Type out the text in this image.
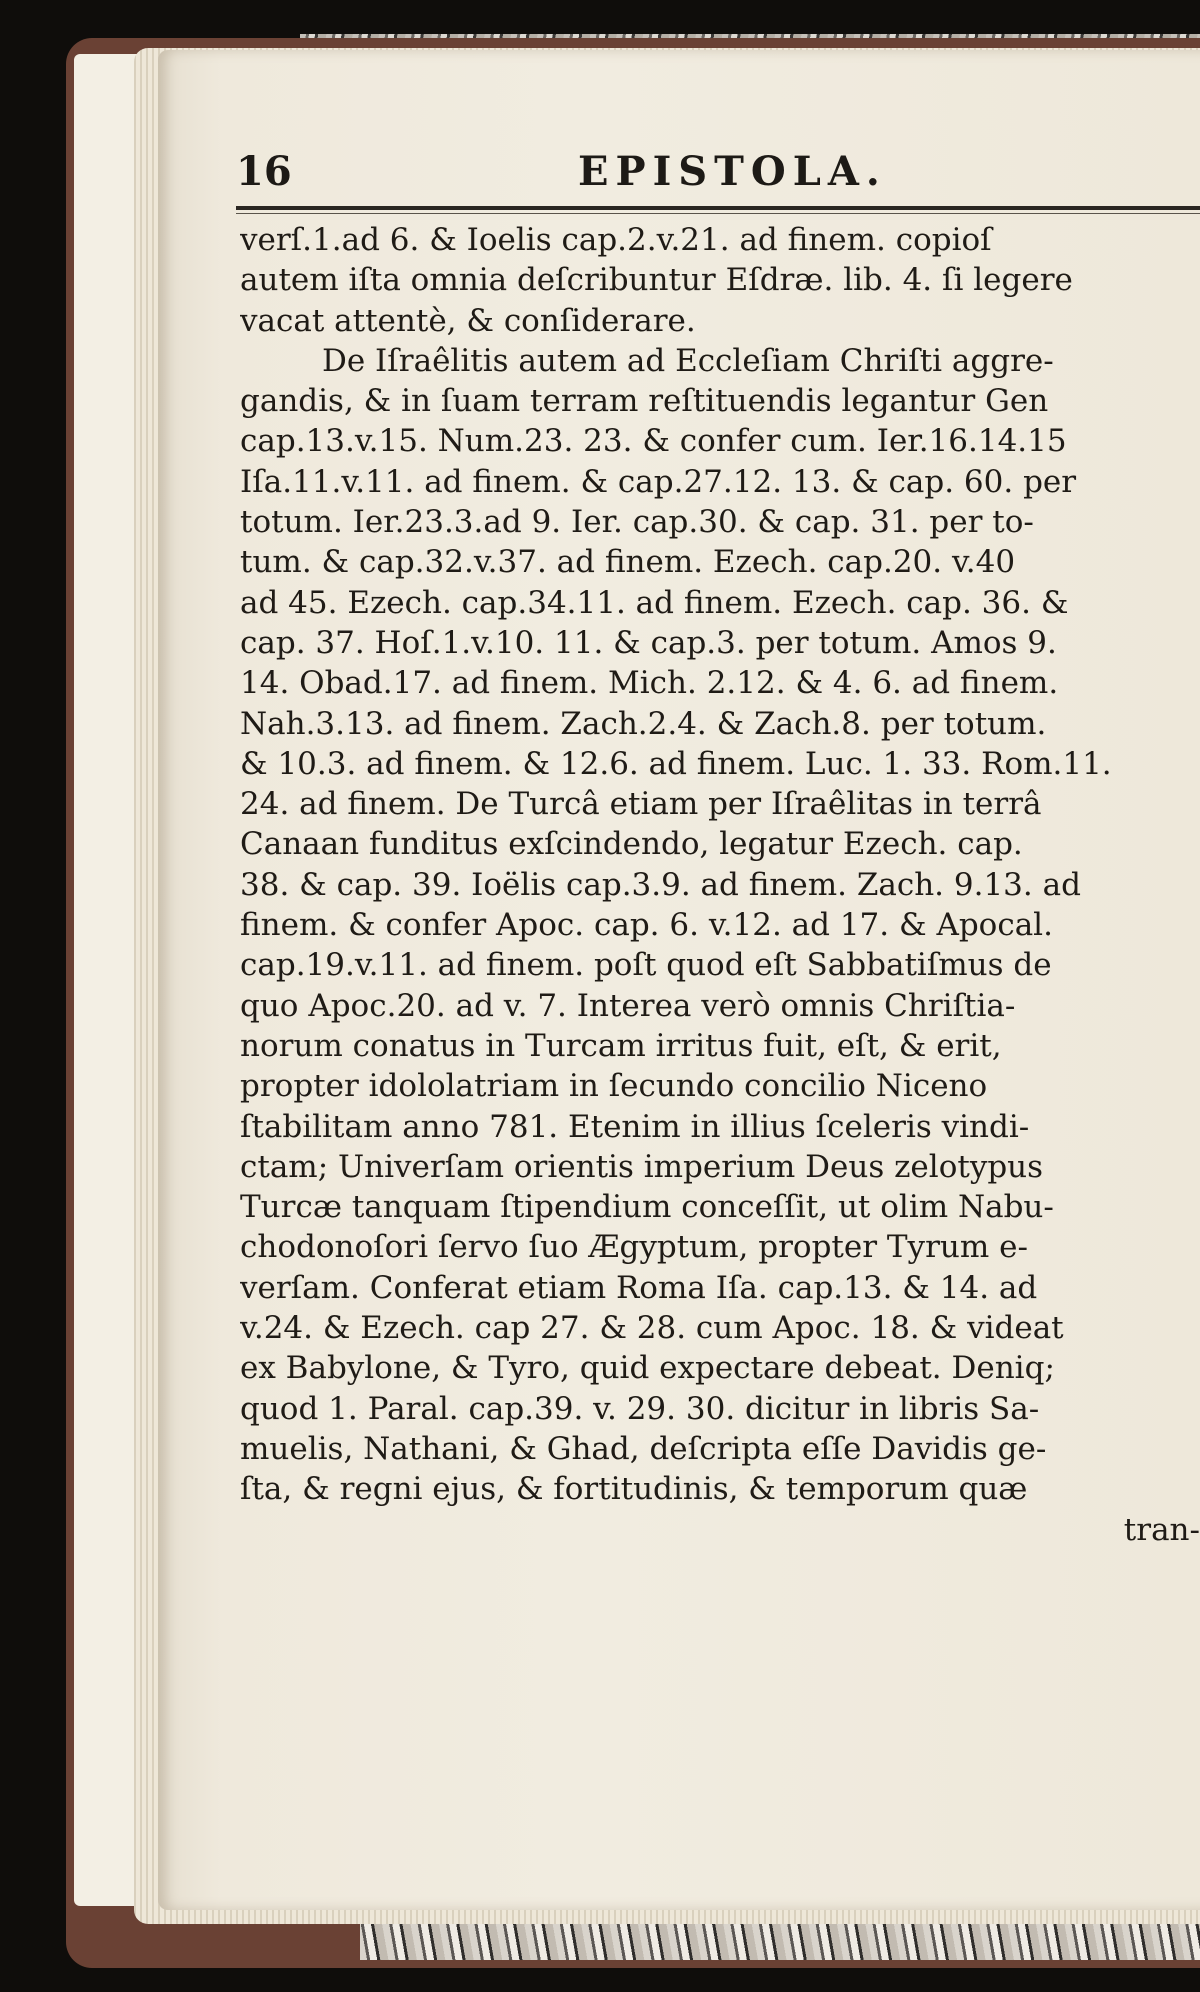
16	EPISTOLA.
verſ.1.ad 6. & Ioelis cap.2.v.21. ad finem. copioſ
autem iſta omnia deſcribuntur Eſdræ. lib. 4. ſi legere
vacat attentè, & conſiderare.
De Iſraêlitis autem ad Eccleſiam Chriſti aggre-
gandis, & in ſuam terram reſtituendis legantur Gen
cap.13.v.15. Num.23. 23. & confer cum. Ier.16.14.15
Iſa.11.v.11. ad finem. & cap.27.12. 13. & cap. 60. per
totum. Ier.23.3.ad 9. Ier. cap.30. & cap. 31. per to-
tum. & cap.32.v.37. ad finem. Ezech. cap.20. v.40
ad 45. Ezech. cap.34.11. ad finem. Ezech. cap. 36. &
cap. 37. Hoſ.1.v.10. 11. & cap.3. per totum. Amos 9.
14. Obad.17. ad finem. Mich. 2.12. & 4. 6. ad finem.
Nah.3.13. ad finem. Zach.2.4. & Zach.8. per totum.
& 10.3. ad finem. & 12.6. ad finem. Luc. 1. 33. Rom.11.
24. ad finem. De Turcâ etiam per Iſraêlitas in terrâ
Canaan funditus exſcindendo, legatur Ezech. cap.
38. & cap. 39. Ioëlis cap.3.9. ad finem. Zach. 9.13. ad
finem. & confer Apoc. cap. 6. v.12. ad 17. & Apocal.
cap.19.v.11. ad finem. poſt quod eſt Sabbatiſmus de
quo Apoc.20. ad v. 7. Interea verò omnis Chriſtia-
norum conatus in Turcam irritus fuit, eſt, & erit,
propter idololatriam in ſecundo concilio Niceno
ſtabilitam anno 781. Etenim in illius ſceleris vindi-
ctam; Univerſam orientis imperium Deus zelotypus
Turcæ tanquam ſtipendium conceſſit, ut olim Nabu-
chodonoſori ſervo ſuo Ægyptum, propter Tyrum e-
verſam. Conferat etiam Roma Iſa. cap.13. & 14. ad
v.24. & Ezech. cap 27. & 28. cum Apoc. 18. & videat
ex Babylone, & Tyro, quid expectare debeat. Deniq;
quod 1. Paral. cap.39. v. 29. 30. dicitur in libris Sa-
muelis, Nathani, & Ghad, deſcripta eſſe Davidis ge-
ſta, & regni ejus, & fortitudinis, & temporum quæ
tran-
